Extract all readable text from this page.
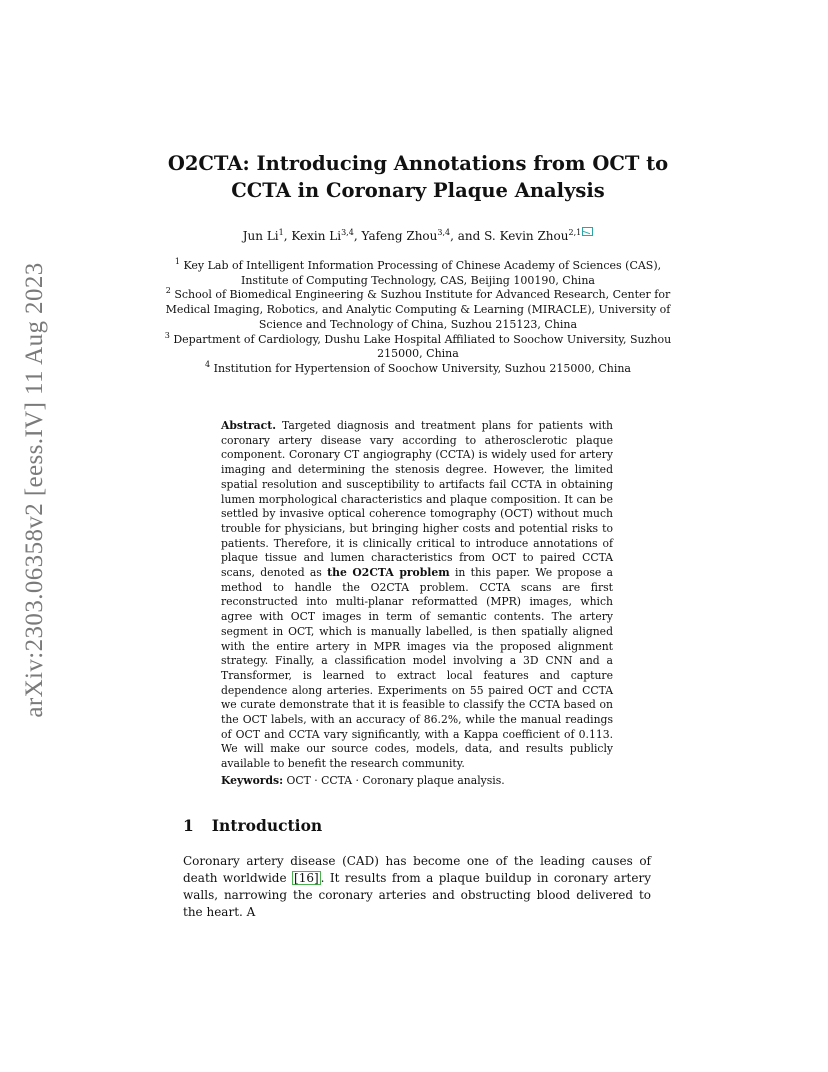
arXiv:2303.06358v2 [eess.IV] 11 Aug 2023
O2CTA: Introducing Annotations from OCT to CCTA in Coronary Plaque Analysis
Jun Li$^1$, Kexin Li$^{3,4}$, Yafeng Zhou$^{3,4}$, and S. Kevin Zhou$^{2,1}$
$^1$ Key Lab of Intelligent Information Processing of Chinese Academy of Sciences (CAS), Institute of Computing Technology, CAS, Beijing 100190, China
$^2$ School of Biomedical Engineering & Suzhou Institute for Advanced Research, Center for Medical Imaging, Robotics, and Analytic Computing & Learning (MIRACLE), University of Science and Technology of China, Suzhou 215123, China
$^3$ Department of Cardiology, Dushu Lake Hospital Affiliated to Soochow University, Suzhou 215000, China
$^4$ Institution for Hypertension of Soochow University, Suzhou 215000, China
Abstract. Targeted diagnosis and treatment plans for patients with coronary artery disease vary according to atherosclerotic plaque component. Coronary CT angiography (CCTA) is widely used for artery imaging and determining the stenosis degree. However, the limited spatial resolution and susceptibility to artifacts fail CCTA in obtaining lumen morphological characteristics and plaque composition. It can be settled by invasive optical coherence tomography (OCT) without much trouble for physicians, but bringing higher costs and potential risks to patients. Therefore, it is clinically critical to introduce annotations of plaque tissue and lumen characteristics from OCT to paired CCTA scans, denoted as the O2CTA problem in this paper. We propose a method to handle the O2CTA problem. CCTA scans are first reconstructed into multi-planar reformatted (MPR) images, which agree with OCT images in term of semantic contents. The artery segment in OCT, which is manually labelled, is then spatially aligned with the entire artery in MPR images via the proposed alignment strategy. Finally, a classification model involving a 3D CNN and a Transformer, is learned to extract local features and capture dependence along arteries. Experiments on 55 paired OCT and CCTA we curate demonstrate that it is feasible to classify the CCTA based on the OCT labels, with an accuracy of 86.2%, while the manual readings of OCT and CCTA vary significantly, with a Kappa coefficient of 0.113. We will make our source codes, models, data, and results publicly available to benefit the research community.
Keywords: OCT · CCTA · Coronary plaque analysis.
1 Introduction
Coronary artery disease (CAD) has become one of the leading causes of death worldwide [16] . It results from a plaque buildup in coronary artery walls, narrowing the coronary arteries and obstructing blood delivered to the heart. A
